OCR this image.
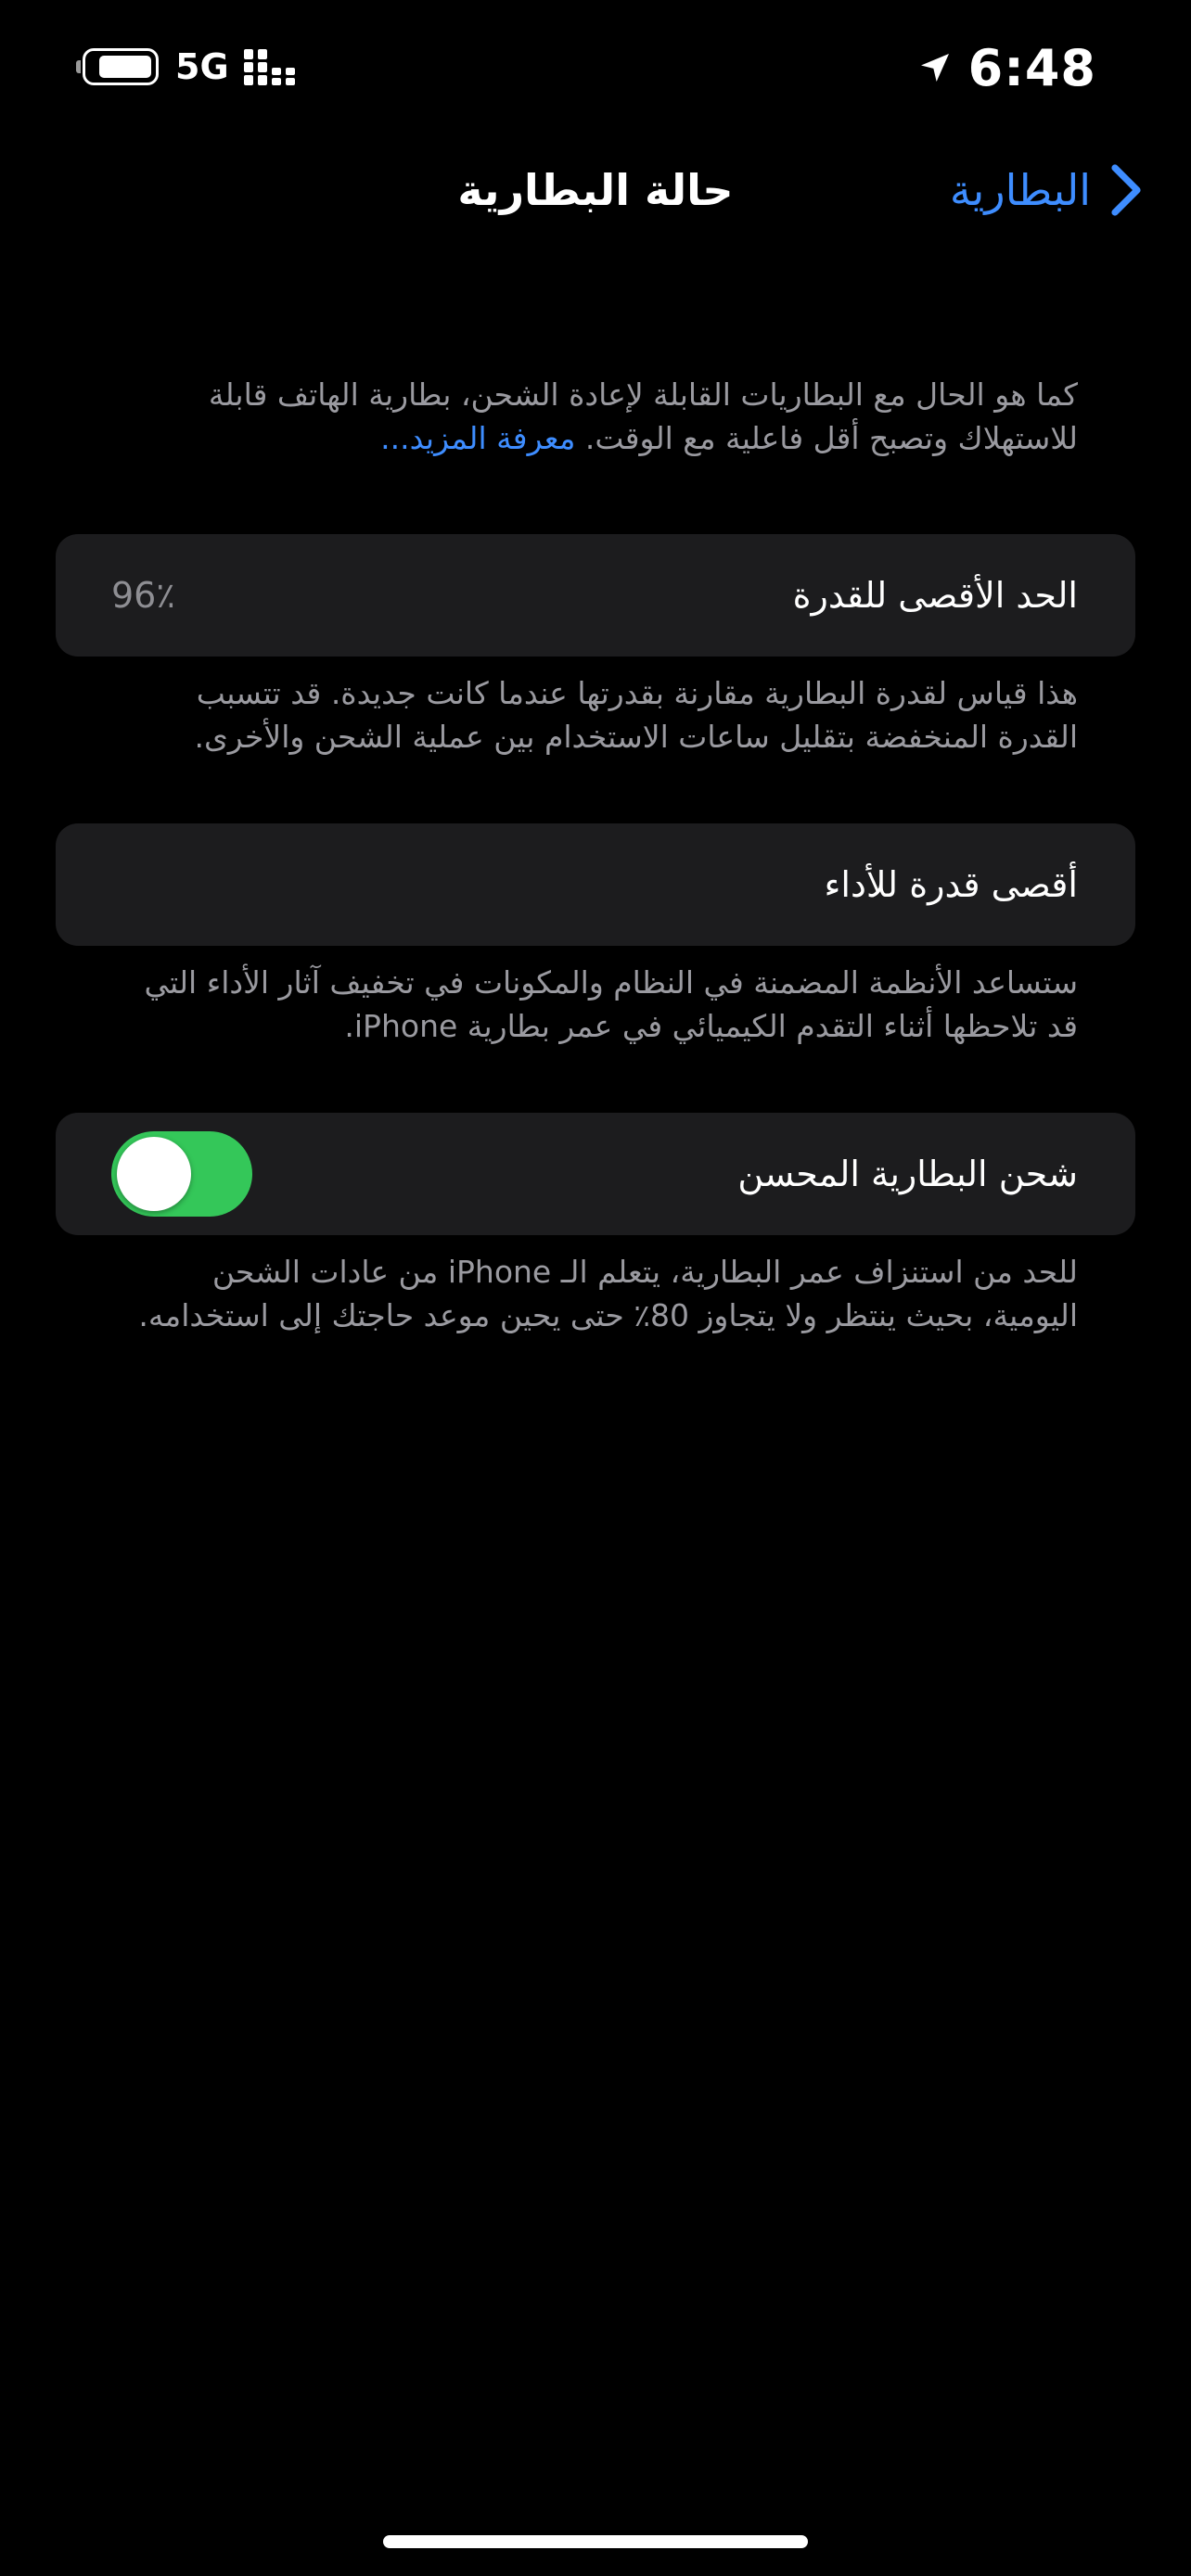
5G	6:48
البطارية
حالة البطارية
كما هو الحال مع البطاريات القابلة لإعادة الشحن، بطارية الهاتف قابلة للاستهلاك وتصبح أقل فاعلية مع الوقت. معرفة المزيد...
الحد الأقصى للقدرة
96٪
هذا قياس لقدرة البطارية مقارنة بقدرتها عندما كانت جديدة. قد تتسبب القدرة المنخفضة بتقليل ساعات الاستخدام بين عملية الشحن والأخرى.
أقصى قدرة للأداء
ستساعد الأنظمة المضمنة في النظام والمكونات في تخفيف آثار الأداء التي قد تلاحظها أثناء التقدم الكيميائي في عمر بطارية iPhone.
شحن البطارية المحسن
للحد من استنزاف عمر البطارية، يتعلم الـ iPhone من عادات الشحن اليومية، بحيث ينتظر ولا يتجاوز 80٪ حتى يحين موعد حاجتك إلى استخدامه.
